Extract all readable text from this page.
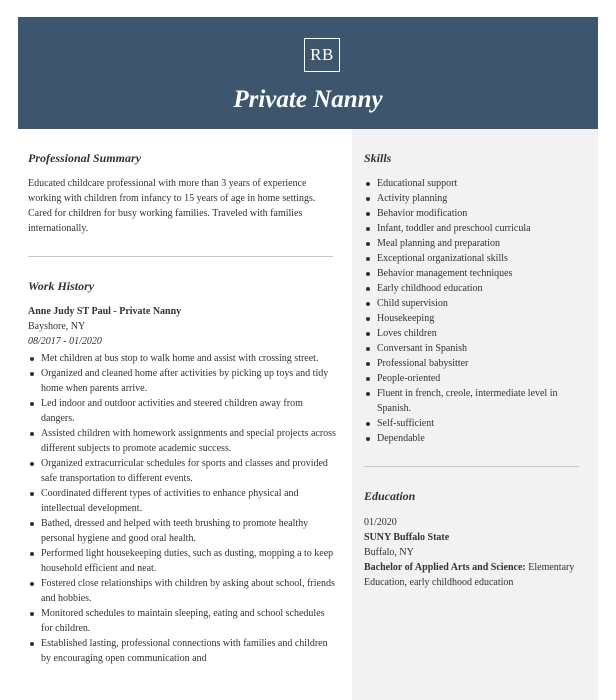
RB
Private Nanny
Professional Summary
Educated childcare professional with more than 3 years of experience working with children from infancy to 15 years of age in home settings. Cared for children for busy working families. Traveled with families internationally.
Work History
Anne Judy ST Paul - Private Nanny
Bayshore, NY
08/2017 - 01/2020
Met children at bus stop to walk home and assist with crossing street.
Organized and cleaned home after activities by picking up toys and tidy home when parents arrive.
Led indoor and outdoor activities and steered children away from dangers.
Assisted children with homework assignments and special projects across different subjects to promote academic success.
Organized extracurricular schedules for sports and classes and provided safe transportation to different events.
Coordinated different types of activities to enhance physical and intellectual development.
Bathed, dressed and helped with teeth brushing to promote healthy personal hygiene and good oral health.
Performed light housekeeping duties, such as dusting, mopping a to keep household efficient and neat.
Fostered close relationships with children by asking about school, friends and hobbies.
Monitored schedules to maintain sleeping, eating and school schedules for children.
Established lasting, professional connections with families and children by encouraging open communication and
Skills
Educational support
Activity planning
Behavior modification
Infant, toddler and preschool curricula
Meal planning and preparation
Exceptional organizational skills
Behavior management techniques
Early childhood education
Child supervision
Housekeeping
Loves children
Conversant in Spanish
Professional babysitter
People-oriented
Fluent in french, creole, intermediate level in Spanish.
Self-sufficient
Dependable
Education
01/2020
SUNY Buffalo State
Buffalo, NY
Bachelor of Applied Arts and Science: Elementary Education, early childhood education
